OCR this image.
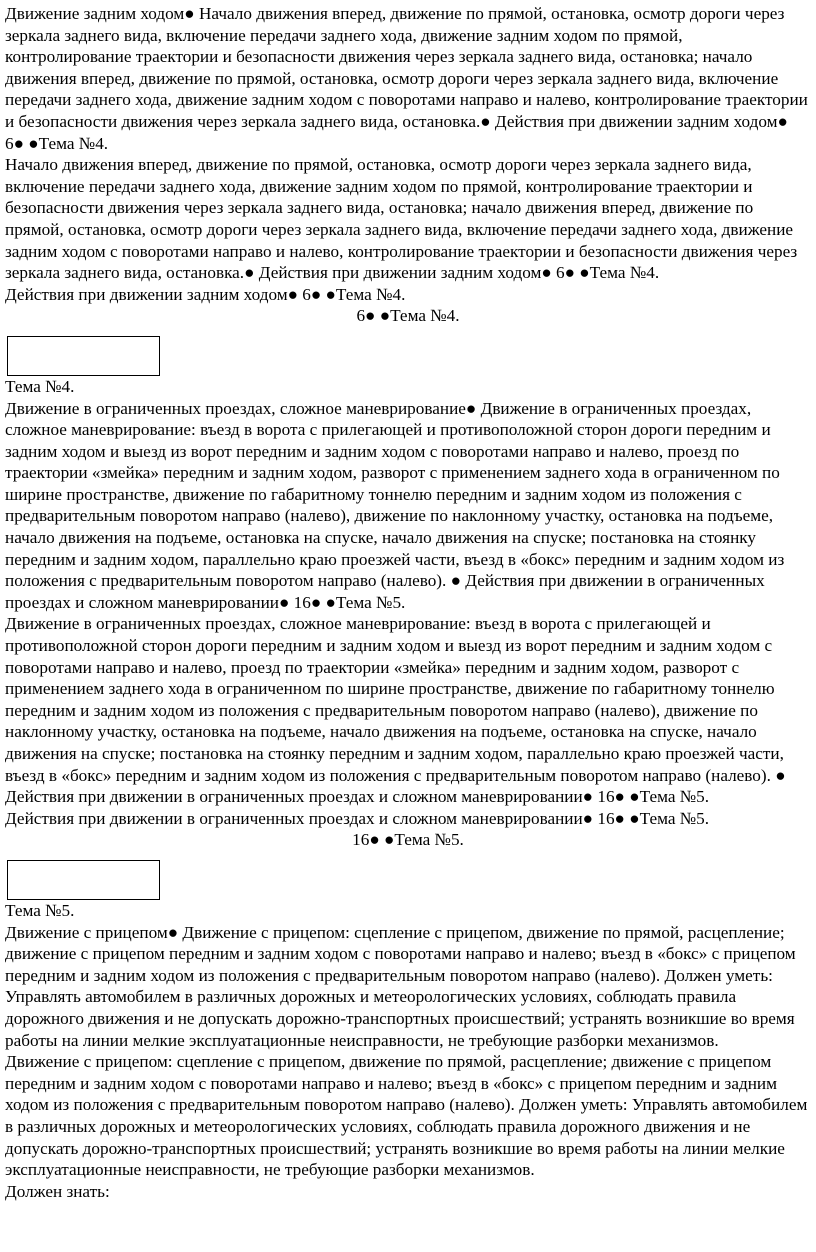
Движение задним ходом● Начало движения вперед, движение по прямой, остановка, осмотр дороги через зеркала заднего вида, включение передачи заднего хода, движение задним ходом по прямой, контролирование траектории и безопасности движения через зеркала заднего вида, остановка; начало движения вперед, движение по прямой, остановка, осмотр дороги через зеркала заднего вида, включение передачи заднего хода, движение задним ходом с поворотами направо и налево, контролирование траектории и безопасности движения через зеркала заднего вида, остановка.● Действия при движении задним ходом● 6● ●Тема №4.

Начало движения вперед, движение по прямой, остановка, осмотр дороги через зеркала заднего вида, включение передачи заднего хода, движение задним ходом по прямой, контролирование траектории и безопасности движения через зеркала заднего вида, остановка; начало движения вперед, движение по прямой, остановка, осмотр дороги через зеркала заднего вида, включение передачи заднего хода, движение задним ходом с поворотами направо и налево, контролирование траектории и безопасности движения через зеркала заднего вида, остановка.● Действия при движении задним ходом● 6● ●Тема №4.

Действия при движении задним ходом● 6● ●Тема №4.

6● ●Тема №4.

Тема №4.

Движение в ограниченных проездах, сложное маневрирование● Движение в ограниченных проездах, сложное маневрирование: въезд в ворота с прилегающей и противоположной сторон дороги передним и задним ходом и выезд из ворот передним и задним ходом с поворотами направо и налево, проезд по траектории «змейка» передним и задним ходом, разворот с применением заднего хода в ограниченном по ширине пространстве, движение по габаритному тоннелю передним и задним ходом из положения с предварительным поворотом направо (налево), движение по наклонному участку, остановка на подъеме, начало движения на подъеме, остановка на спуске, начало движения на спуске; постановка на стоянку передним и задним ходом, параллельно краю проезжей части, въезд в «бокс» передним и задним ходом из положения с предварительным поворотом направо (налево). ● Действия при движении в ограниченных проездах и сложном маневрировании● 16● ●Тема №5.

Движение в ограниченных проездах, сложное маневрирование: въезд в ворота с прилегающей и противоположной сторон дороги передним и задним ходом и выезд из ворот передним и задним ходом с поворотами направо и налево, проезд по траектории «змейка» передним и задним ходом, разворот с применением заднего хода в ограниченном по ширине пространстве, движение по габаритному тоннелю передним и задним ходом из положения с предварительным поворотом направо (налево), движение по наклонному участку, остановка на подъеме, начало движения на подъеме, остановка на спуске, начало движения на спуске; постановка на стоянку передним и задним ходом, параллельно краю проезжей части, въезд в «бокс» передним и задним ходом из положения с предварительным поворотом направо (налево). ● Действия при движении в ограниченных проездах и сложном маневрировании● 16● ●Тема №5.

Действия при движении в ограниченных проездах и сложном маневрировании● 16● ●Тема №5.

16● ●Тема №5.

Тема №5.

Движение с прицепом● Движение с прицепом: сцепление с прицепом, движение по прямой, расцепление; движение с прицепом передним и задним ходом с поворотами направо и налево; въезд в «бокс» с прицепом передним и задним ходом из положения с предварительным поворотом направо (налево). Должен уметь: Управлять автомобилем в различных дорожных и метеорологических условиях, соблюдать правила дорожного движения и не допускать дорожно-транспортных происшествий; устранять возникшие во время работы на линии мелкие эксплуатационные неисправности, не требующие разборки механизмов.

Движение с прицепом: сцепление с прицепом, движение по прямой, расцепление; движение с прицепом передним и задним ходом с поворотами направо и налево; въезд в «бокс» с прицепом передним и задним ходом из положения с предварительным поворотом направо (налево). Должен уметь: Управлять автомобилем в различных дорожных и метеорологических условиях, соблюдать правила дорожного движения и не допускать дорожно-транспортных происшествий; устранять возникшие во время работы на линии мелкие эксплуатационные неисправности, не требующие разборки механизмов.

Должен знать:
